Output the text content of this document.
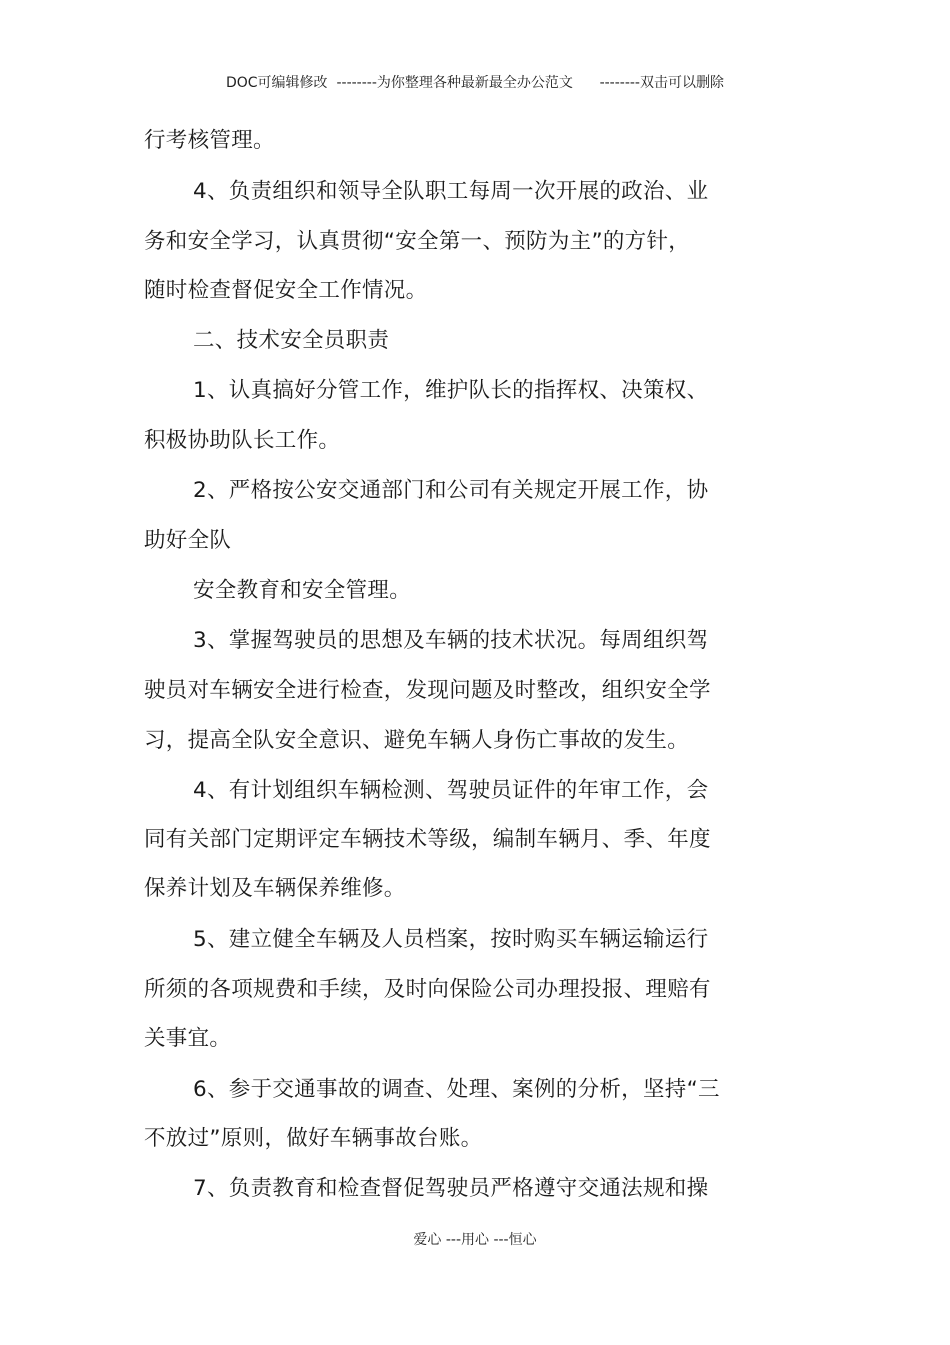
DOC可编辑修改  --------为你整理各种最新最全办公范文      --------双击可以删除
行考核管理。
4、负责组织和领导全队职工每周一次开展的政治、业
务和安全学习，认真贯彻“安全第一、预防为主”的方针，
随时检查督促安全工作情况。
二、技术安全员职责
1、认真搞好分管工作，维护队长的指挥权、决策权、
积极协助队长工作。
2、严格按公安交通部门和公司有关规定开展工作，协
助好全队
安全教育和安全管理。
3、掌握驾驶员的思想及车辆的技术状况。每周组织驾
驶员对车辆安全进行检查，发现问题及时整改，组织安全学
习，提高全队安全意识、避免车辆人身伤亡事故的发生。
4、有计划组织车辆检测、驾驶员证件的年审工作，会
同有关部门定期评定车辆技术等级，编制车辆月、季、年度
保养计划及车辆保养维修。
5、建立健全车辆及人员档案，按时购买车辆运输运行
所须的各项规费和手续，及时向保险公司办理投报、理赔有
关事宜。
6、参于交通事故的调查、处理、案例的分析，坚持“三
不放过”原则，做好车辆事故台账。
7、负责教育和检查督促驾驶员严格遵守交通法规和操
爱心 ---用心 ---恒心
